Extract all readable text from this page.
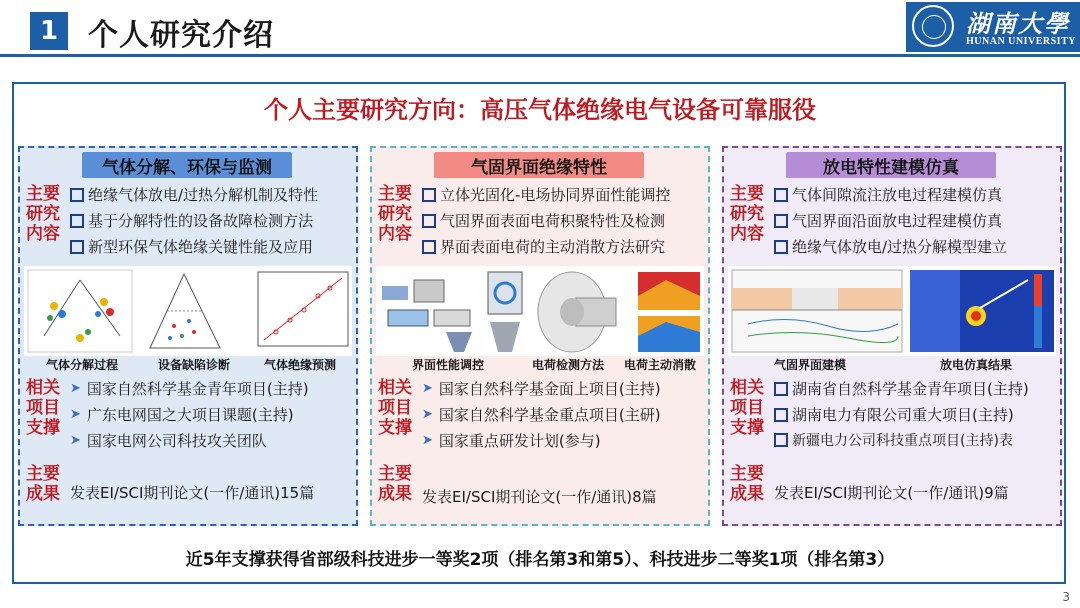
1 个人研究介绍	湖南大學
HUNAN UNIVERSITY
个人主要研究方向：高压气体绝缘电气设备可靠服役
气体分解、环保与监测
主要
研究
内容
绝缘气体放电/过热分解机制及特性
基于分解特性的设备故障检测方法
新型环保气体绝缘关键性能及应用
气体分解过程	设备缺陷诊断	气体绝缘预测
相关
项目
支撑
➤ 国家自然科学基金青年项目(主持)
➤ 广东电网国之大项目课题(主持)
➤ 国家电网公司科技攻关团队
主要
成果 发表EI/SCI期刊论文(一作/通讯)15篇
气固界面绝缘特性
主要
研究
内容
立体光固化-电场协同界面性能调控
气固界面表面电荷积聚特性及检测
界面表面电荷的主动消散方法研究
界面性能调控	电荷检测方法 电荷主动消散
相关
项目
支撑
➤ 国家自然科学基金面上项目(主持)
➤ 国家自然科学基金重点项目(主研)
➤ 国家重点研发计划(参与)
主要
成果 发表EI/SCI期刊论文(一作/通讯)8篇
放电特性建模仿真
主要
研究
内容
气体间隙流注放电过程建模仿真
气固界面沿面放电过程建模仿真
绝缘气体放电/过热分解模型建立
气固界面建模	放电仿真结果
相关
项目
支撑
湖南省自然科学基金青年项目(主持)
湖南电力有限公司重大项目(主持)
新疆电力公司科技重点项目(主持)表
主要
成果 发表EI/SCI期刊论文(一作/通讯)9篇
近5年支撑获得省部级科技进步一等奖2项（排名第3和第5）、科技进步二等奖1项（排名第3）
3
